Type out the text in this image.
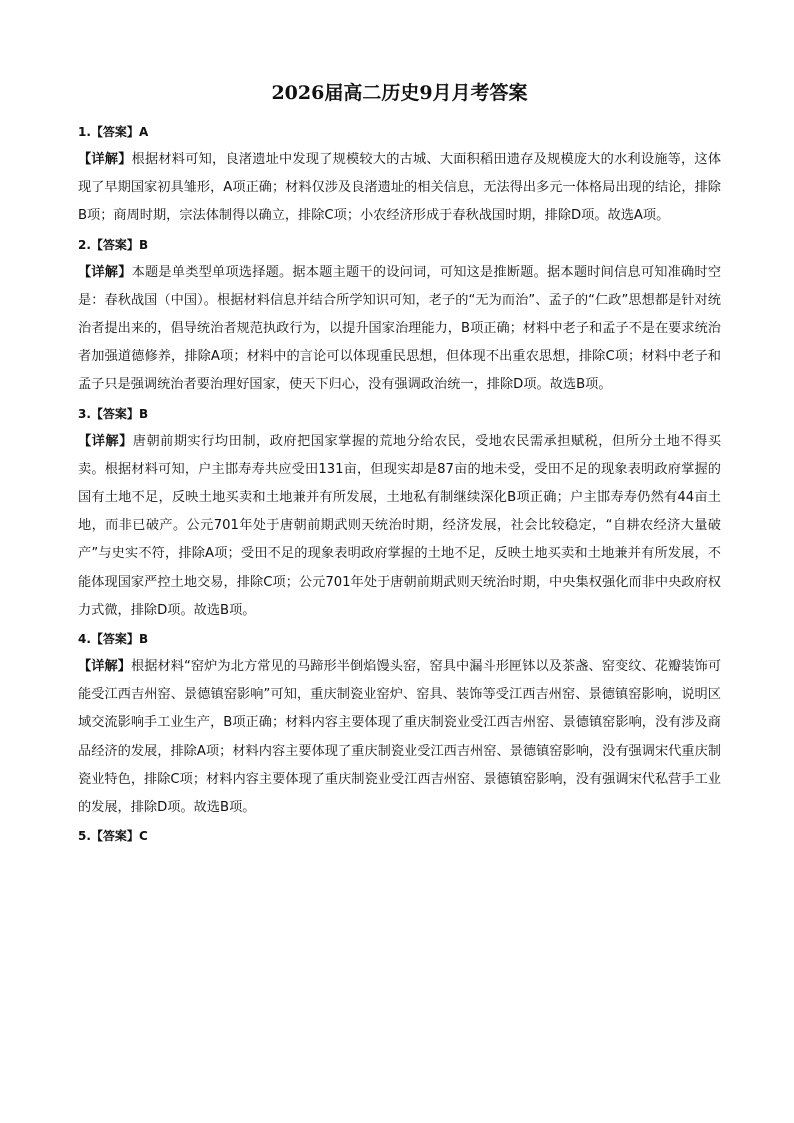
2026届高二历史9月月考答案
1.【答案】A

【详解】根据材料可知，良渚遗址中发现了规模较大的古城、大面积稻田遗存及规模庞大的水利设施等，这体现了早期国家初具雏形，A项正确；材料仅涉及良渚遗址的相关信息，无法得出多元一体格局出现的结论，排除B项；商周时期，宗法体制得以确立，排除C项；小农经济形成于春秋战国时期，排除D项。故选A项。

2.【答案】B

【详解】本题是单类型单项选择题。据本题主题干的设问词，可知这是推断题。据本题时间信息可知准确时空是：春秋战国（中国）。根据材料信息并结合所学知识可知，老子的“无为而治”、孟子的“仁政”思想都是针对统治者提出来的，倡导统治者规范执政行为，以提升国家治理能力，B项正确；材料中老子和孟子不是在要求统治者加强道德修养，排除A项；材料中的言论可以体现重民思想，但体现不出重农思想，排除C项；材料中老子和孟子只是强调统治者要治理好国家，使天下归心，没有强调政治统一，排除D项。故选B项。

3.【答案】B

【详解】唐朝前期实行均田制，政府把国家掌握的荒地分给农民，受地农民需承担赋税，但所分土地不得买卖。根据材料可知，户主邯寿寿共应受田131亩，但现实却是87亩的地未受，受田不足的现象表明政府掌握的国有土地不足，反映土地买卖和土地兼并有所发展，土地私有制继续深化B项正确；户主邯寿寿仍然有44亩土地，而非已破产。公元701年处于唐朝前期武则天统治时期，经济发展，社会比较稳定，“自耕农经济大量破产”与史实不符，排除A项；受田不足的现象表明政府掌握的土地不足，反映土地买卖和土地兼并有所发展，不能体现国家严控土地交易，排除C项；公元701年处于唐朝前期武则天统治时期，中央集权强化而非中央政府权力式微，排除D项。故选B项。

4.【答案】B

【详解】根据材料“窑炉为北方常见的马蹄形半倒焰馒头窑，窑具中漏斗形匣钵以及茶盏、窑变纹、花瓣装饰可能受江西吉州窑、景德镇窑影响”可知，重庆制瓷业窑炉、窑具、装饰等受江西吉州窑、景德镇窑影响，说明区域交流影响手工业生产，B项正确；材料内容主要体现了重庆制瓷业受江西吉州窑、景德镇窑影响，没有涉及商品经济的发展，排除A项；材料内容主要体现了重庆制瓷业受江西吉州窑、景德镇窑影响，没有强调宋代重庆制瓷业特色，排除C项；材料内容主要体现了重庆制瓷业受江西吉州窑、景德镇窑影响，没有强调宋代私营手工业的发展，排除D项。故选B项。

5.【答案】C
